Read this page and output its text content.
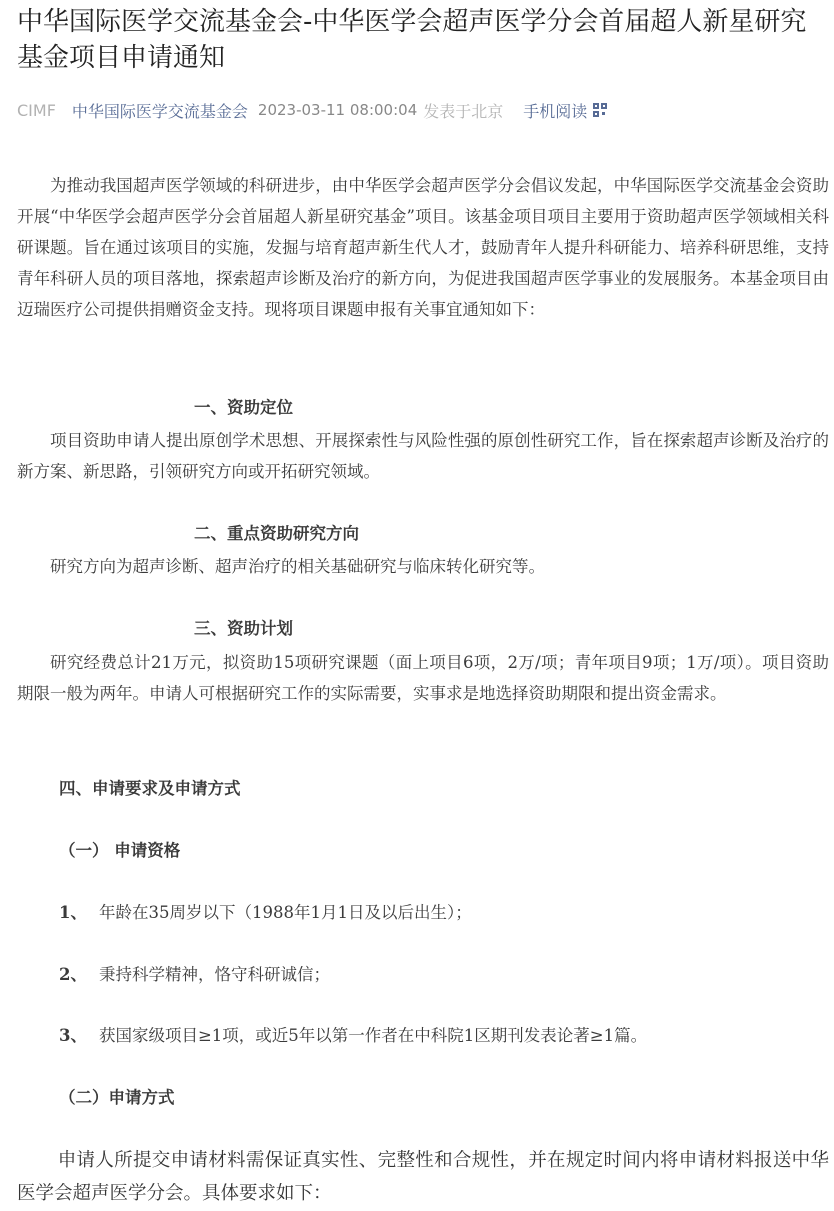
中华国际医学交流基金会-中华医学会超声医学分会首届超人新星研究基金项目申请通知
CIMF 中华国际医学交流基金会 2023-03-11 08:00:04 发表于北京 手机阅读

为推动我国超声医学领域的科研进步，由中华医学会超声医学分会倡议发起，中华国际医学交流基金会资助开展“中华医学会超声医学分会首届超人新星研究基金”项目。该基金项目项目主要用于资助超声医学领域相关科研课题。旨在通过该项目的实施，发掘与培育超声新生代人才，鼓励青年人提升科研能力、培养科研思维，支持青年科研人员的项目落地，探索超声诊断及治疗的新方向，为促进我国超声医学事业的发展服务。本基金项目由迈瑞医疗公司提供捐赠资金支持。现将项目课题申报有关事宜通知如下：

一、资助定位

项目资助申请人提出原创学术思想、开展探索性与风险性强的原创性研究工作，旨在探索超声诊断及治疗的新方案、新思路，引领研究方向或开拓研究领域。

二、重点资助研究方向

研究方向为超声诊断、超声治疗的相关基础研究与临床转化研究等。

三、资助计划

研究经费总计21万元，拟资助15项研究课题（面上项目6项，2万/项；青年项目9项；1万/项）。项目资助期限一般为两年。申请人可根据研究工作的实际需要，实事求是地选择资助期限和提出资金需求。

四、申请要求及申请方式

（一） 申请资格

1、 年龄在35周岁以下（1988年1月1日及以后出生）；

2、 秉持科学精神，恪守科研诚信；

3、 获国家级项目≥1项，或近5年以第一作者在中科院1区期刊发表论著≥1篇。

（二）申请方式

申请人所提交申请材料需保证真实性、完整性和合规性，并在规定时间内将申请材料报送中华医学会超声医学分会。具体要求如下：
